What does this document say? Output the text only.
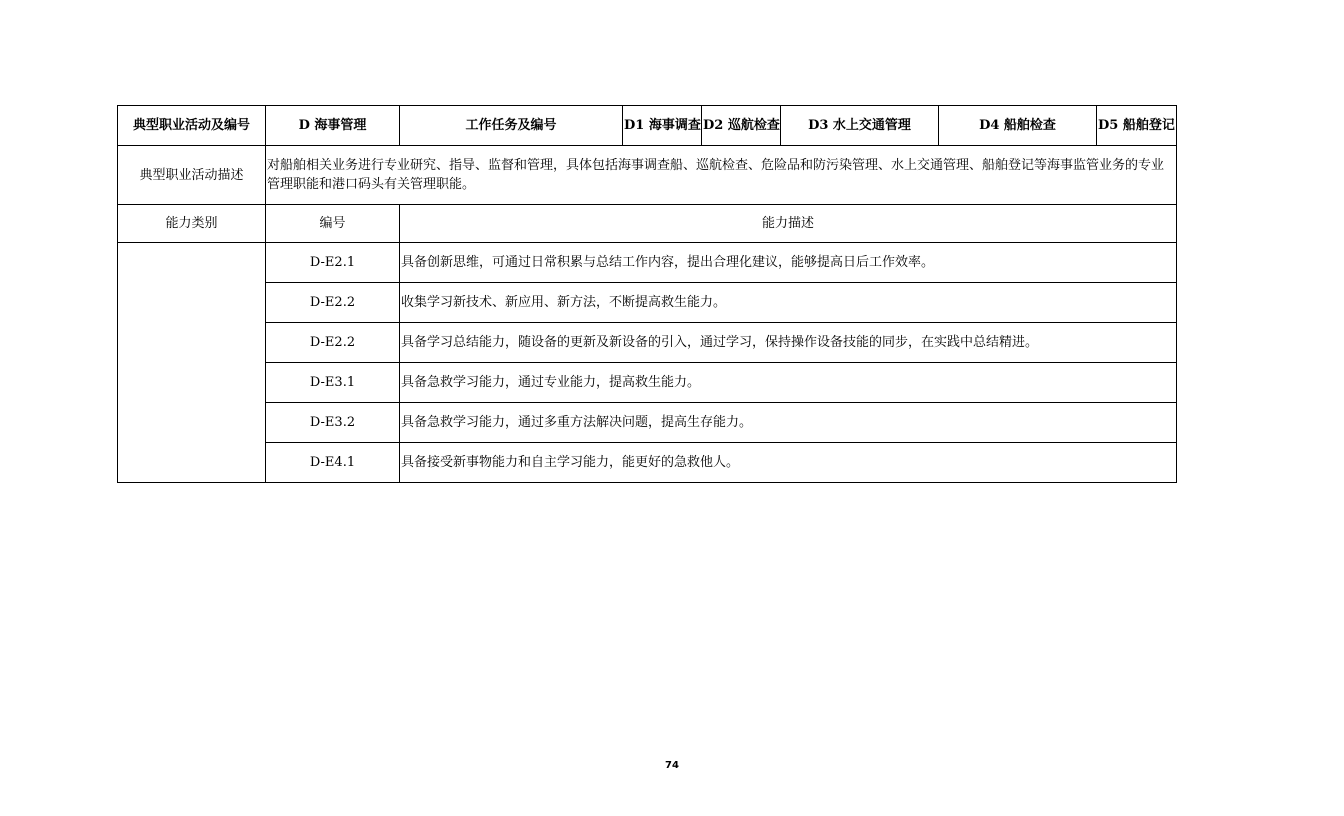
典型职业活动及编号	D 海事管理	工作任务及编号	D1 海事调查	D2 巡航检查	D3 水上交通管理	D4 船舶检查	D5 船舶登记
典型职业活动描述	对船舶相关业务进行专业研究、指导、监督和管理，具体包括海事调查船、巡航检查、危险品和防污染管理、水上交通管理、船舶登记等海事监管业务的专业管理职能和港口码头有关管理职能。						
能力类别	编号	能力描述					
	D-E2.1	具备创新思维，可通过日常积累与总结工作内容，提出合理化建议，能够提高日后工作效率。					
	D-E2.2	收集学习新技术、新应用、新方法，不断提高救生能力。					
	D-E2.2	具备学习总结能力，随设备的更新及新设备的引入，通过学习，保持操作设备技能的同步，在实践中总结精进。					
	D-E3.1	具备急救学习能力，通过专业能力，提高救生能力。					
	D-E3.2	具备急救学习能力，通过多重方法解决问题，提高生存能力。					
	D-E4.1	具备接受新事物能力和自主学习能力，能更好的急救他人。					
74
